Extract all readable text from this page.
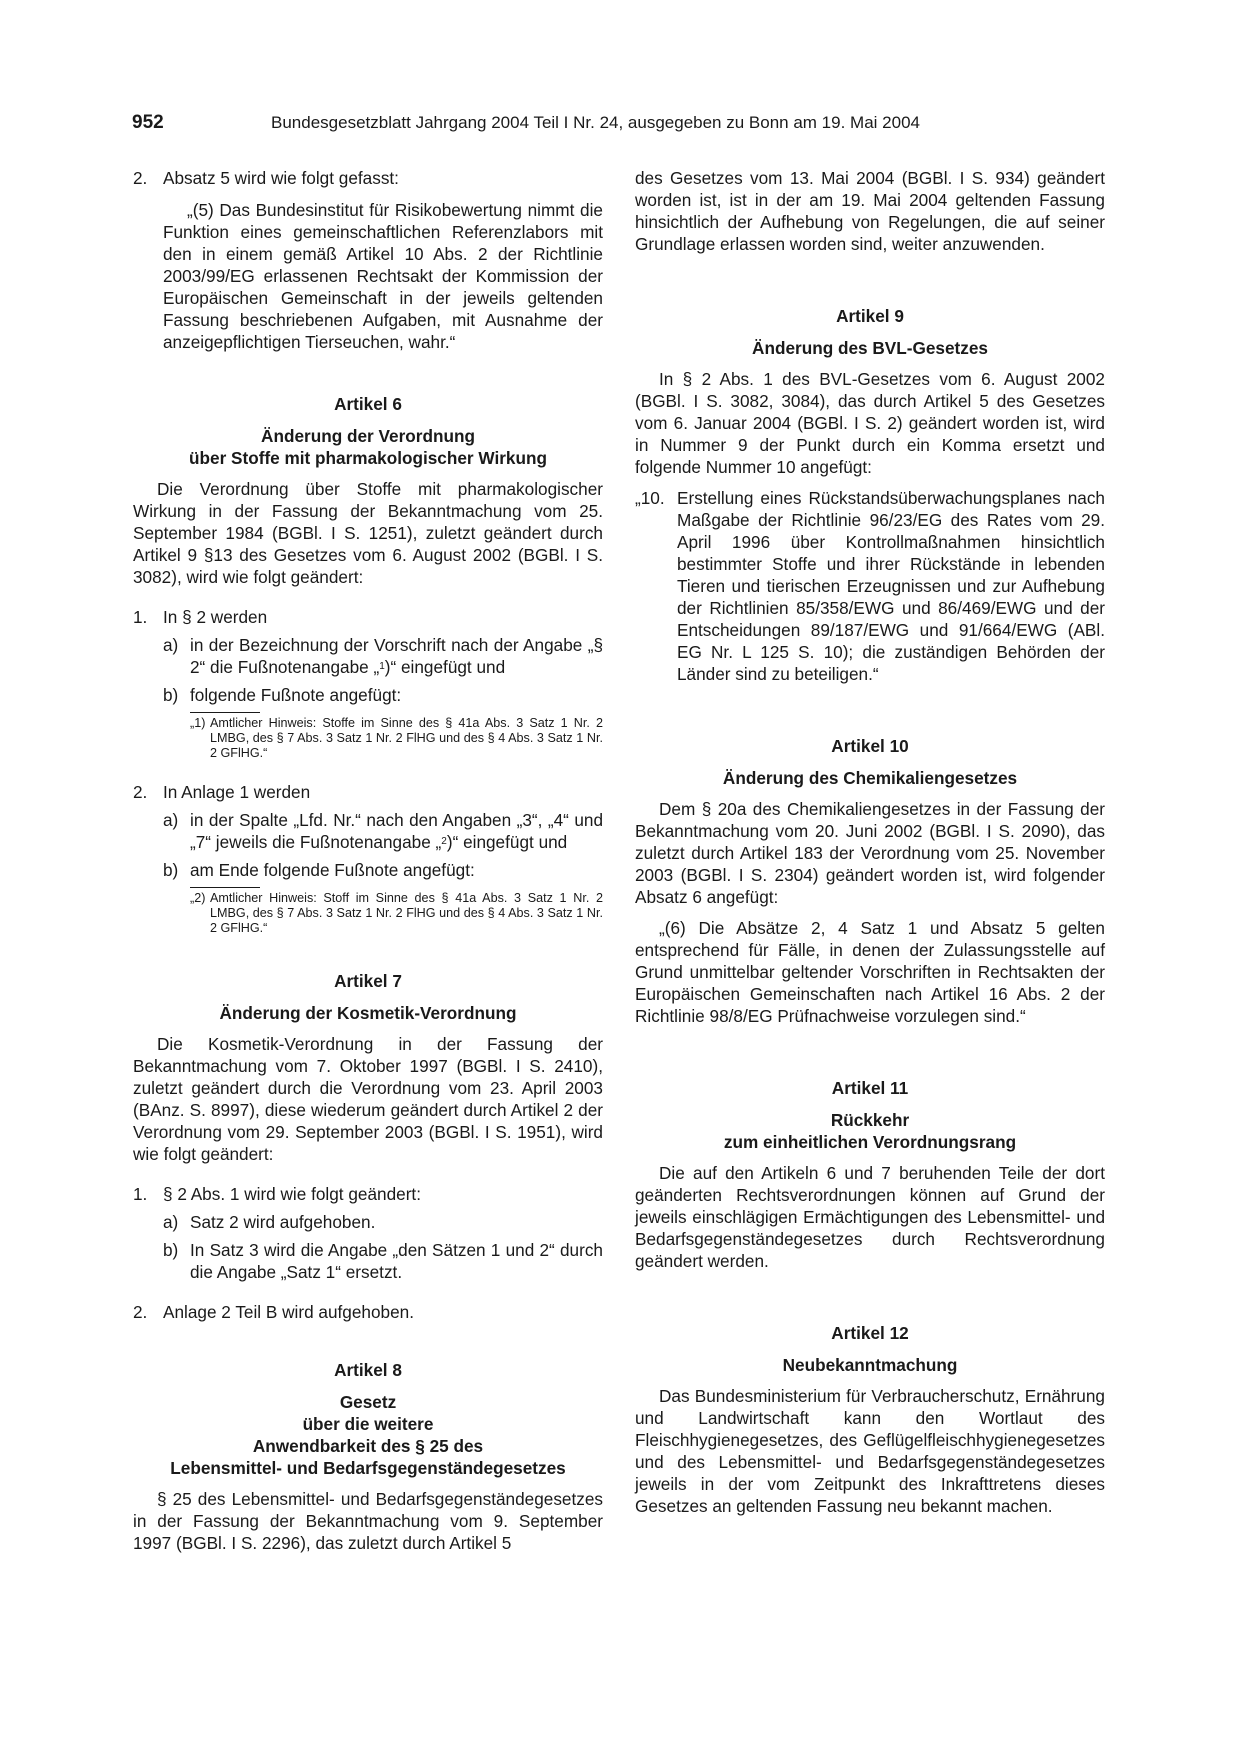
952	Bundesgesetzblatt Jahrgang 2004 Teil I Nr. 24, ausgegeben zu Bonn am 19. Mai 2004
2. Absatz 5 wird wie folgt gefasst:

„(5) Das Bundesinstitut für Risikobewertung nimmt die Funktion eines gemeinschaftlichen Referenzlabors mit den in einem gemäß Artikel 10 Abs. 2 der Richtlinie 2003/99/EG erlassenen Rechtsakt der Kommission der Europäischen Gemeinschaft in der jeweils geltenden Fassung beschriebenen Aufgaben, mit Ausnahme der anzeigepflichtigen Tierseuchen, wahr.“

Artikel 6
Änderung der Verordnung
über Stoffe mit pharmakologischer Wirkung

Die Verordnung über Stoffe mit pharmakologischer Wirkung in der Fassung der Bekanntmachung vom 25. September 1984 (BGBl. I S. 1251), zuletzt geändert durch Artikel 9 §13 des Gesetzes vom 6. August 2002 (BGBl. I S. 3082), wird wie folgt geändert:

1. In § 2 werden
a) in der Bezeichnung der Vorschrift nach der Angabe „§ 2“ die Fußnotenangabe „$^1$)“ eingefügt und
b) folgende Fußnote angefügt:
„1) Amtlicher Hinweis: Stoffe im Sinne des § 41a Abs. 3 Satz 1 Nr. 2 LMBG, des § 7 Abs. 3 Satz 1 Nr. 2 FlHG und des § 4 Abs. 3 Satz 1 Nr. 2 GFlHG.“
2. In Anlage 1 werden
a) in der Spalte „Lfd. Nr.“ nach den Angaben „3“, „4“ und „7“ jeweils die Fußnotenangabe „$^2$)“ eingefügt und
b) am Ende folgende Fußnote angefügt:
„2) Amtlicher Hinweis: Stoff im Sinne des § 41a Abs. 3 Satz 1 Nr. 2 LMBG, des § 7 Abs. 3 Satz 1 Nr. 2 FlHG und des § 4 Abs. 3 Satz 1 Nr. 2 GFlHG.“
Artikel 7
Änderung der Kosmetik-Verordnung

Die Kosmetik-Verordnung in der Fassung der Bekanntmachung vom 7. Oktober 1997 (BGBl. I S. 2410), zuletzt geändert durch die Verordnung vom 23. April 2003 (BAnz. S. 8997), diese wiederum geändert durch Artikel 2 der Verordnung vom 29. September 2003 (BGBl. I S. 1951), wird wie folgt geändert:

1. § 2 Abs. 1 wird wie folgt geändert:
a) Satz 2 wird aufgehoben.
b) In Satz 3 wird die Angabe „den Sätzen 1 und 2“ durch die Angabe „Satz 1“ ersetzt.
2. Anlage 2 Teil B wird aufgehoben.
Artikel 8
Gesetz
über die weitere
Anwendbarkeit des § 25 des
Lebensmittel- und Bedarfsgegenständegesetzes

§ 25 des Lebensmittel- und Bedarfsgegenständegesetzes in der Fassung der Bekanntmachung vom 9. September 1997 (BGBl. I S. 2296), das zuletzt durch Artikel 5

des Gesetzes vom 13. Mai 2004 (BGBl. I S. 934) geändert worden ist, ist in der am 19. Mai 2004 geltenden Fassung hinsichtlich der Aufhebung von Regelungen, die auf seiner Grundlage erlassen worden sind, weiter anzuwenden.

Artikel 9
Änderung des BVL-Gesetzes

In § 2 Abs. 1 des BVL-Gesetzes vom 6. August 2002 (BGBl. I S. 3082, 3084), das durch Artikel 5 des Gesetzes vom 6. Januar 2004 (BGBl. I S. 2) geändert worden ist, wird in Nummer 9 der Punkt durch ein Komma ersetzt und folgende Nummer 10 angefügt:

„10. Erstellung eines Rückstandsüberwachungsplanes nach Maßgabe der Richtlinie 96/23/EG des Rates vom 29. April 1996 über Kontrollmaßnahmen hinsichtlich bestimmter Stoffe und ihrer Rückstände in lebenden Tieren und tierischen Erzeugnissen und zur Aufhebung der Richtlinien 85/358/EWG und 86/469/EWG und der Entscheidungen 89/187/EWG und 91/664/EWG (ABl. EG Nr. L 125 S. 10); die zuständigen Behörden der Länder sind zu beteiligen.“
Artikel 10
Änderung des Chemikaliengesetzes

Dem § 20a des Chemikaliengesetzes in der Fassung der Bekanntmachung vom 20. Juni 2002 (BGBl. I S. 2090), das zuletzt durch Artikel 183 der Verordnung vom 25. November 2003 (BGBl. I S. 2304) geändert worden ist, wird folgender Absatz 6 angefügt:

„(6) Die Absätze 2, 4 Satz 1 und Absatz 5 gelten entsprechend für Fälle, in denen der Zulassungsstelle auf Grund unmittelbar geltender Vorschriften in Rechtsakten der Europäischen Gemeinschaften nach Artikel 16 Abs. 2 der Richtlinie 98/8/EG Prüfnachweise vorzulegen sind.“

Artikel 11
Rückkehr
zum einheitlichen Verordnungsrang

Die auf den Artikeln 6 und 7 beruhenden Teile der dort geänderten Rechtsverordnungen können auf Grund der jeweils einschlägigen Ermächtigungen des Lebensmittel- und Bedarfsgegenständegesetzes durch Rechtsverordnung geändert werden.

Artikel 12
Neubekanntmachung

Das Bundesministerium für Verbraucherschutz, Ernährung und Landwirtschaft kann den Wortlaut des Fleischhygienegesetzes, des Geflügelfleischhygienegesetzes und des Lebensmittel- und Bedarfsgegenständegesetzes jeweils in der vom Zeitpunkt des Inkrafttretens dieses Gesetzes an geltenden Fassung neu bekannt machen.
